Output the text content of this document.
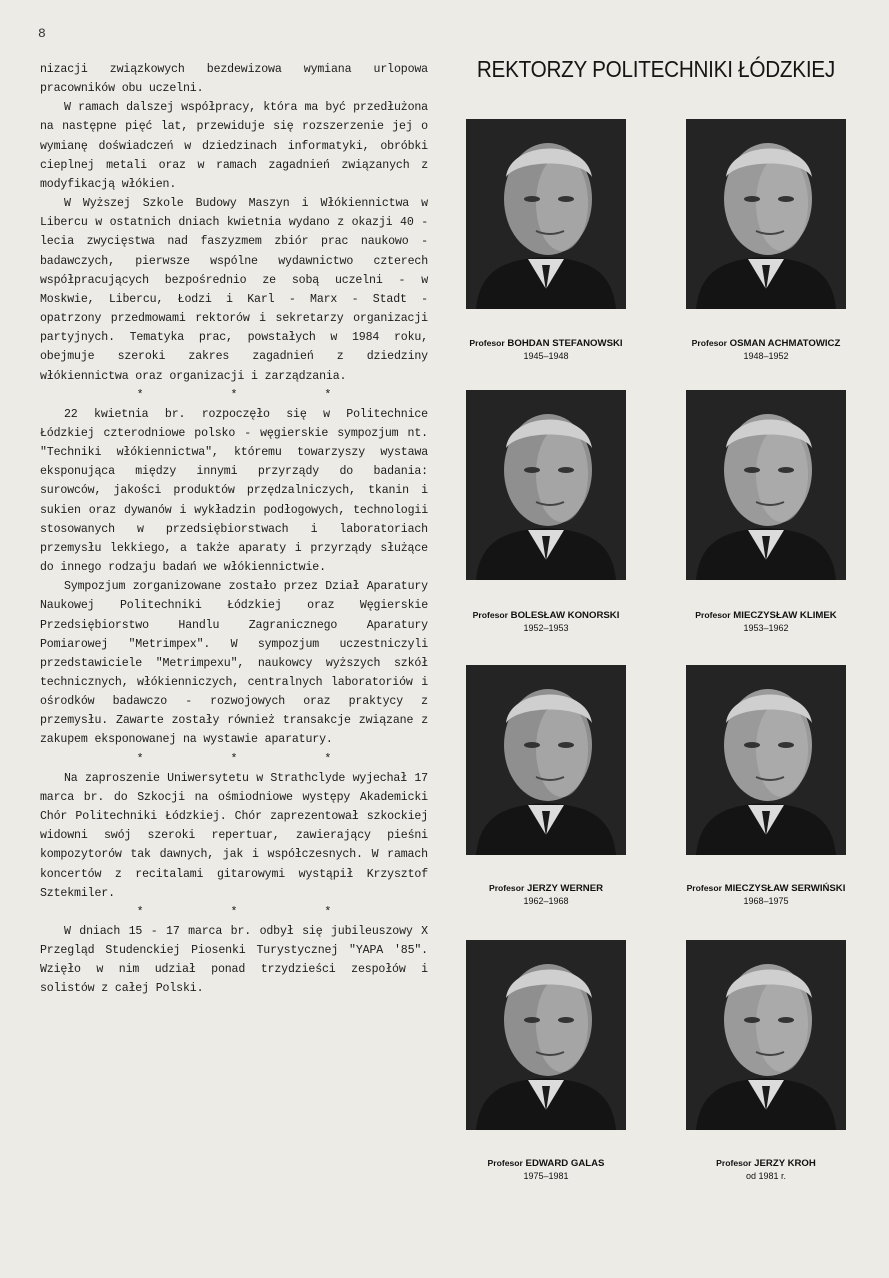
8

nizacji związkowych bezdewizowa wymiana urlopowa pracowników obu uczelni.

W ramach dalszej współpracy, która ma być przedłużona na następne pięć lat, przewiduje się rozszerzenie jej o wymianę doświadczeń w dziedzinach informatyki, obróbki cieplnej metali oraz w ramach zagadnień związanych z modyfikacją włókien.

W Wyższej Szkole Budowy Maszyn i Włókiennictwa w Libercu w ostatnich dniach kwietnia wydano z okazji 40 - lecia zwycięstwa nad faszyzmem zbiór prac naukowo - badawczych, pierwsze wspólne wydawnictwo czterech współpracujących bezpośrednio ze sobą uczelni - w Moskwie, Libercu, Łodzi i Karl - Marx - Stadt - opatrzony przedmowami rektorów i sekretarzy organizacji partyjnych. Tematyka prac, powstałych w 1984 roku, obejmuje szeroki zakres zagadnień z dziedziny włókiennictwa oraz organizacji i zarządzania.

* * *

22 kwietnia br. rozpoczęło się w Politechnice Łódzkiej czterodniowe polsko - węgierskie sympozjum nt. "Techniki włókiennictwa", któremu towarzyszy wystawa eksponująca między innymi przyrządy do badania: surowców, jakości produktów przędzalniczych, tkanin i sukien oraz dywanów i wykładzin podłogowych, technologii stosowanych w przedsiębiorstwach i laboratoriach przemysłu lekkiego, a także aparaty i przyrządy służące do innego rodzaju badań we włókiennictwie.

Sympozjum zorganizowane zostało przez Dział Aparatury Naukowej Politechniki Łódzkiej oraz Węgierskie Przedsiębiorstwo Handlu Zagranicznego Aparatury Pomiarowej "Metrimpex". W sympozjum uczestniczyli przedstawiciele "Metrimpexu", naukowcy wyższych szkół technicznych, włókienniczych, centralnych laboratoriów i ośrodków badawczo - rozwojowych oraz praktycy z przemysłu. Zawarte zostały również transakcje związane z zakupem eksponowanej na wystawie aparatury.

* * *

Na zaproszenie Uniwersytetu w Strathclyde wyjechał 17 marca br. do Szkocji na ośmiodniowe występy Akademicki Chór Politechniki Łódzkiej. Chór zaprezentował szkockiej widowni swój szeroki repertuar, zawierający pieśni kompozytorów tak dawnych, jak i współczesnych. W ramach koncertów z recitalami gitarowymi wystąpił Krzysztof Sztekmiler.

* * *

W dniach 15 - 17 marca br. odbył się jubileuszowy X Przegląd Studenckiej Piosenki Turystycznej "YAPA '85". Wzięło w nim udział ponad trzydzieści zespołów i solistów z całej Polski.

REKTORZY POLITECHNIKI ŁÓDZKIEJ
Profesor BOHDAN STEFANOWSKI
1945–1948
Profesor OSMAN ACHMATOWICZ
1948–1952
Profesor BOLESŁAW KONORSKI
1952–1953
Profesor MIECZYSŁAW KLIMEK
1953–1962
Profesor JERZY WERNER
1962–1968
Profesor MIECZYSŁAW SERWIŃSKI
1968–1975
Profesor EDWARD GALAS
1975–1981
Profesor JERZY KROH
od 1981 r.
